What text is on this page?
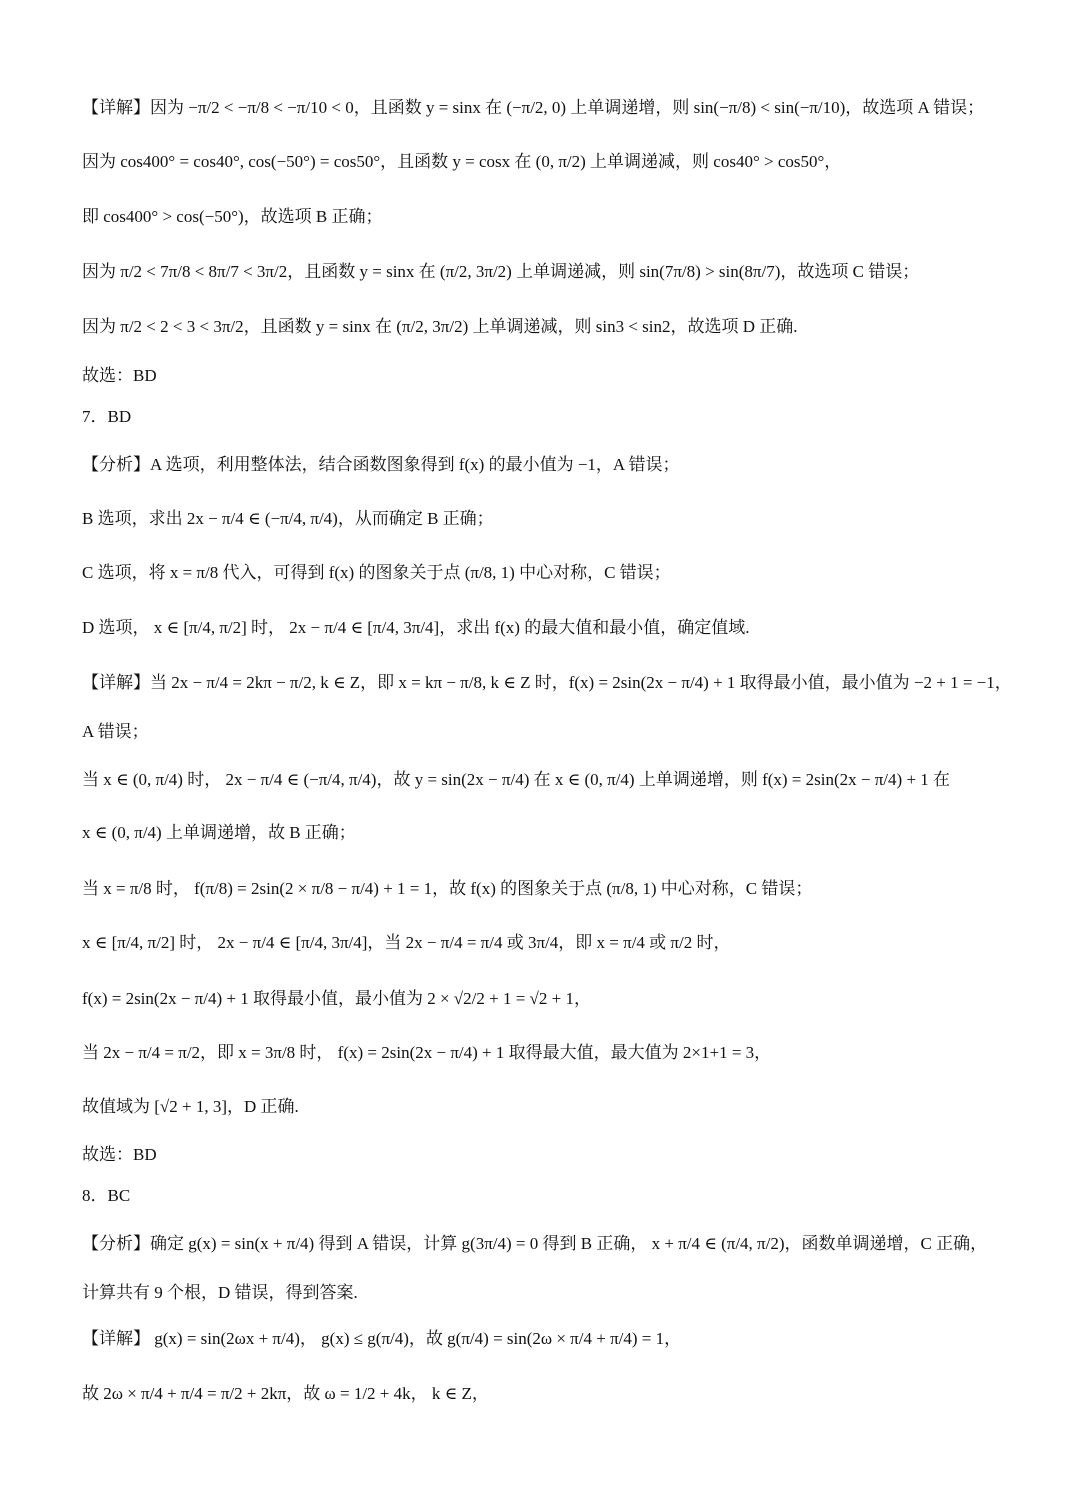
【详解】因为 −π/2 < −π/8 < −π/10 < 0，且函数 y = sinx 在 (−π/2, 0) 上单调递增，则 sin(−π/8) < sin(−π/10)，故选项 A 错误；
因为 cos400° = cos40°, cos(−50°) = cos50°，且函数 y = cosx 在 (0, π/2) 上单调递减，则 cos40° > cos50°，
即 cos400° > cos(−50°)，故选项 B 正确；
因为 π/2 < 7π/8 < 8π/7 < 3π/2，且函数 y = sinx 在 (π/2, 3π/2) 上单调递减，则 sin(7π/8) > sin(8π/7)，故选项 C 错误；
因为 π/2 < 2 < 3 < 3π/2，且函数 y = sinx 在 (π/2, 3π/2) 上单调递减，则 sin3 < sin2，故选项 D 正确.
故选：BD
7．BD
【分析】A 选项，利用整体法，结合函数图象得到 f(x) 的最小值为 −1，A 错误；
B 选项，求出 2x − π/4 ∈ (−π/4, π/4)，从而确定 B 正确；
C 选项，将 x = π/8 代入，可得到 f(x) 的图象关于点 (π/8, 1) 中心对称，C 错误；
D 选项， x ∈ [π/4, π/2] 时， 2x − π/4 ∈ [π/4, 3π/4]，求出 f(x) 的最大值和最小值，确定值域.
【详解】当 2x − π/4 = 2kπ − π/2, k ∈ Z，即 x = kπ − π/8, k ∈ Z 时，f(x) = 2sin(2x − π/4) + 1 取得最小值，最小值为 −2 + 1 = −1，
A 错误；
当 x ∈ (0, π/4) 时， 2x − π/4 ∈ (−π/4, π/4)，故 y = sin(2x − π/4) 在 x ∈ (0, π/4) 上单调递增，则 f(x) = 2sin(2x − π/4) + 1 在
x ∈ (0, π/4) 上单调递增，故 B 正确；
当 x = π/8 时， f(π/8) = 2sin(2 × π/8 − π/4) + 1 = 1，故 f(x) 的图象关于点 (π/8, 1) 中心对称，C 错误；
x ∈ [π/4, π/2] 时， 2x − π/4 ∈ [π/4, 3π/4]，当 2x − π/4 = π/4 或 3π/4，即 x = π/4 或 π/2 时，
f(x) = 2sin(2x − π/4) + 1 取得最小值，最小值为 2 × √2/2 + 1 = √2 + 1，
当 2x − π/4 = π/2，即 x = 3π/8 时， f(x) = 2sin(2x − π/4) + 1 取得最大值，最大值为 2×1+1 = 3，
故值域为 [√2 + 1, 3]，D 正确.
故选：BD
8．BC
【分析】确定 g(x) = sin(x + π/4) 得到 A 错误，计算 g(3π/4) = 0 得到 B 正确， x + π/4 ∈ (π/4, π/2)，函数单调递增，C 正确，
计算共有 9 个根，D 错误，得到答案.
【详解】 g(x) = sin(2ωx + π/4)， g(x) ≤ g(π/4)，故 g(π/4) = sin(2ω × π/4 + π/4) = 1，
故 2ω × π/4 + π/4 = π/2 + 2kπ，故 ω = 1/2 + 4k， k ∈ Z，
